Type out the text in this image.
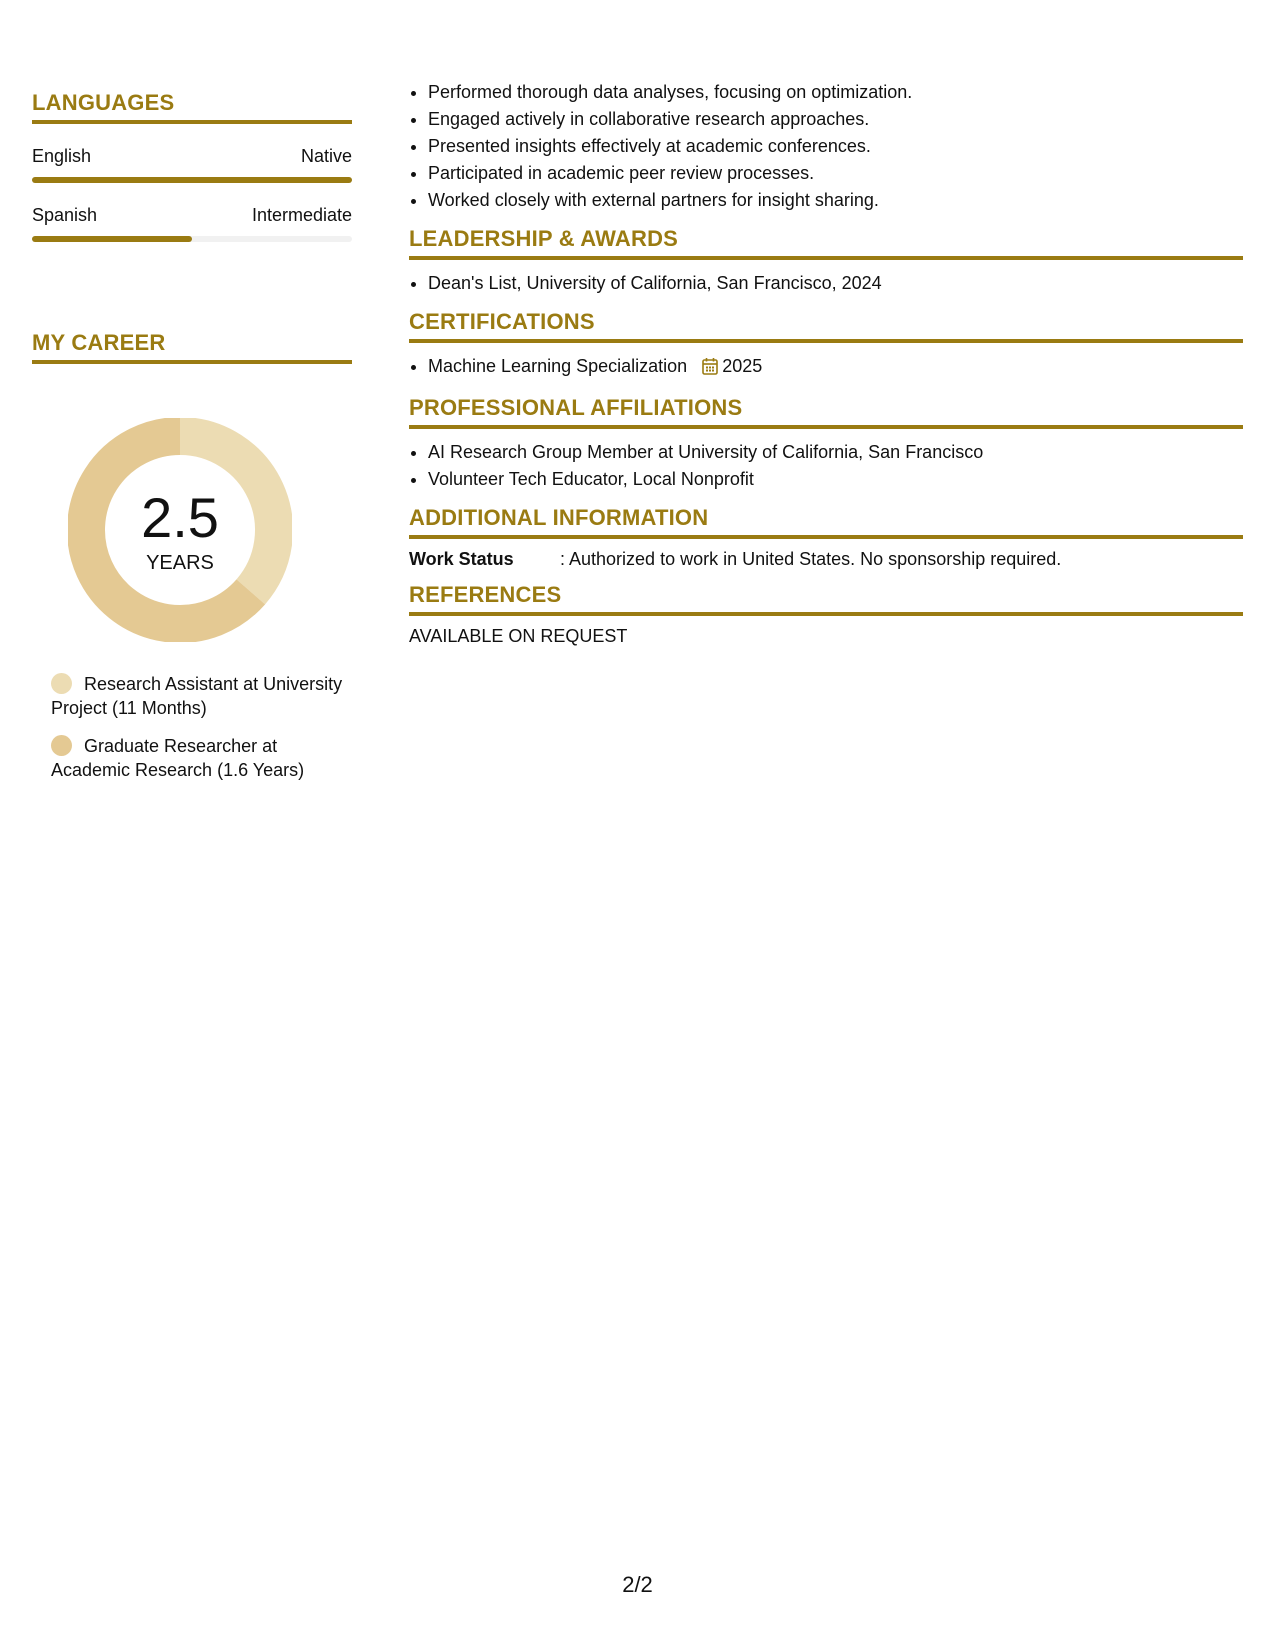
LANGUAGES
English	Native
Spanish	Intermediate
MY CAREER
2.5
YEARS
Research Assistant at University Project (11 Months)
Graduate Researcher at Academic Research (1.6 Years)
• Performed thorough data analyses, focusing on optimization.
• Engaged actively in collaborative research approaches.
• Presented insights effectively at academic conferences.
• Participated in academic peer review processes.
• Worked closely with external partners for insight sharing.
LEADERSHIP & AWARDS
• Dean's List, University of California, San Francisco, 2024
CERTIFICATIONS
• Machine Learning Specialization 2025
PROFESSIONAL AFFILIATIONS
• AI Research Group Member at University of California, San Francisco
• Volunteer Tech Educator, Local Nonprofit
ADDITIONAL INFORMATION
Work Status	: Authorized to work in United States. No sponsorship required.
REFERENCES
AVAILABLE ON REQUEST
2/2
